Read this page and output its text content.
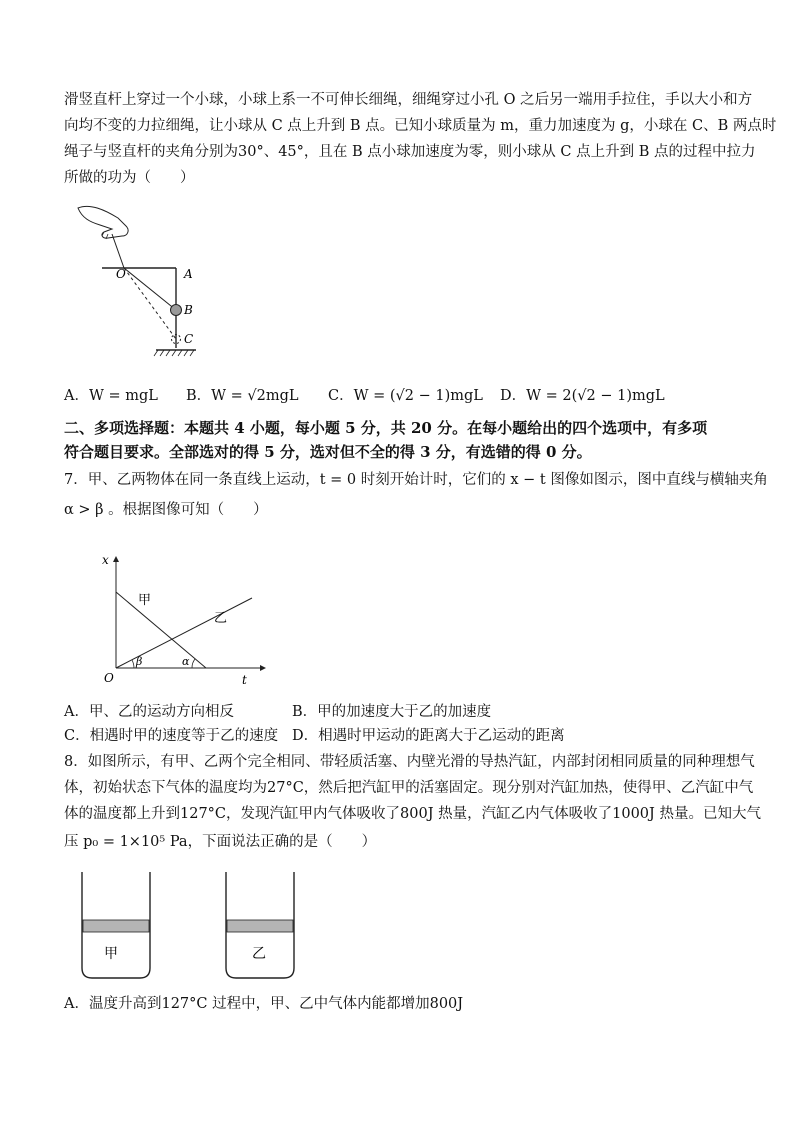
滑竖直杆上穿过一个小球，小球上系一不可伸长细绳，细绳穿过小孔 O 之后另一端用手拉住，手以大小和方
向均不变的力拉细绳，让小球从 C 点上升到 B 点。已知小球质量为 m，重力加速度为 g，小球在 C、B 两点时
绳子与竖直杆的夹角分别为30°、45°，且在 B 点小球加速度为零，则小球从 C 点上升到 B 点的过程中拉力
所做的功为（　　）
O	A
B
C
A．W = mgL B．W = √2mgL C．W = (√2 − 1)mgL D．W = 2(√2 − 1)mgL
二、多项选择题：本题共 4 小题，每小题 5 分，共 20 分。在每小题给出的四个选项中，有多项
符合题目要求。全部选对的得 5 分，选对但不全的得 3 分，有选错的得 0 分。
7．甲、乙两物体在同一条直线上运动，t = 0 时刻开始计时，它们的 x − t 图像如图示，图中直线与横轴夹角
α > β 。根据图像可知（　　）
x
t
O
甲
乙
β	α
A．甲、乙的运动方向相反	B．甲的加速度大于乙的加速度
C．相遇时甲的速度等于乙的速度 D．相遇时甲运动的距离大于乙运动的距离
8．如图所示，有甲、乙两个完全相同、带轻质活塞、内壁光滑的导热汽缸，内部封闭相同质量的同种理想气
体，初始状态下气体的温度均为27°C，然后把汽缸甲的活塞固定。现分别对汽缸加热，使得甲、乙汽缸中气
体的温度都上升到127°C，发现汽缸甲内气体吸收了800J 热量，汽缸乙内气体吸收了1000J 热量。已知大气
压 p₀ = 1×10⁵ Pa，下面说法正确的是（　　）
甲	乙
A．温度升高到127°C 过程中，甲、乙中气体内能都增加800J
